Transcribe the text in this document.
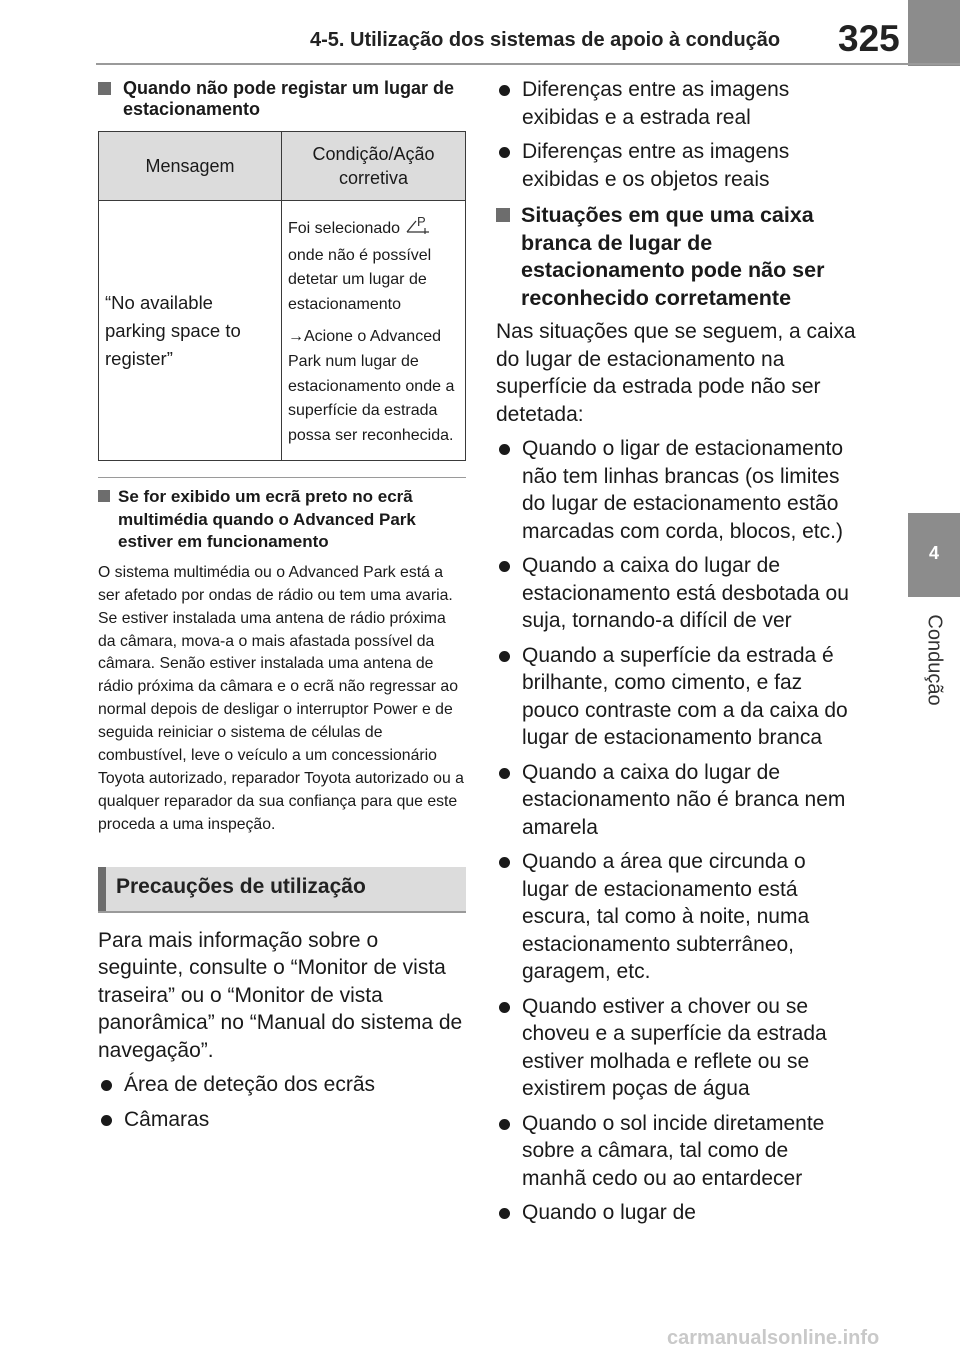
4-5. Utilização dos sistemas de apoio à condução 325
4
Condução
Quando não pode registar um lugar de estacionamento
Mensagem	Condição/Ação corretiva
“No available parking space to register”	Foi selecionado P
onde não é possível detetar um lugar de estacionamento
→Acione o Advanced Park num lugar de estacionamento onde a superfície da estrada possa ser reconhecida.
Se for exibido um ecrã preto no ecrã multimédia quando o Advanced Park estiver em funcionamento
O sistema multimédia ou o Advanced Park está a ser afetado por ondas de rádio ou tem uma avaria. Se estiver instalada uma antena de rádio próxima da câmara, mova-a o mais afastada possível da câmara. Senão estiver instalada uma antena de rádio próxima da câmara e o ecrã não regressar ao normal depois de desligar o interruptor Power e de seguida reiniciar o sistema de células de combustível, leve o veículo a um concessionário Toyota autorizado, reparador Toyota autorizado ou a qualquer reparador da sua confiança para que este proceda a uma inspeção.
Precauções de utilização
Para mais informação sobre o seguinte, consulte o “Monitor de vista traseira” ou o “Monitor de vista panorâmica” no “Manual do sistema de navegação”.
Área de deteção dos ecrãs
Câmaras
Diferenças entre as imagens exibidas e a estrada real
Diferenças entre as imagens exibidas e os objetos reais
Situações em que uma caixa branca de lugar de estacionamento pode não ser reconhecido corretamente
Nas situações que se seguem, a caixa do lugar de estacionamento na superfície da estrada pode não ser detetada:
Quando o ligar de estacionamento não tem linhas brancas (os limites do lugar de estacionamento estão marcadas com corda, blocos, etc.)
Quando a caixa do lugar de estacionamento está desbotada ou suja, tornando-a difícil de ver
Quando a superfície da estrada é brilhante, como cimento, e faz pouco contraste com a da caixa do lugar de estacionamento branca
Quando a caixa do lugar de estacionamento não é branca nem amarela
Quando a área que circunda o lugar de estacionamento está escura, tal como à noite, numa estacionamento subterrâneo, garagem, etc.
Quando estiver a chover ou se choveu e a superfície da estrada estiver molhada e reflete ou se existirem poças de água
Quando o sol incide diretamente sobre a câmara, tal como de manhã cedo ou ao entardecer
Quando o lugar de
carmanualsonline.info
